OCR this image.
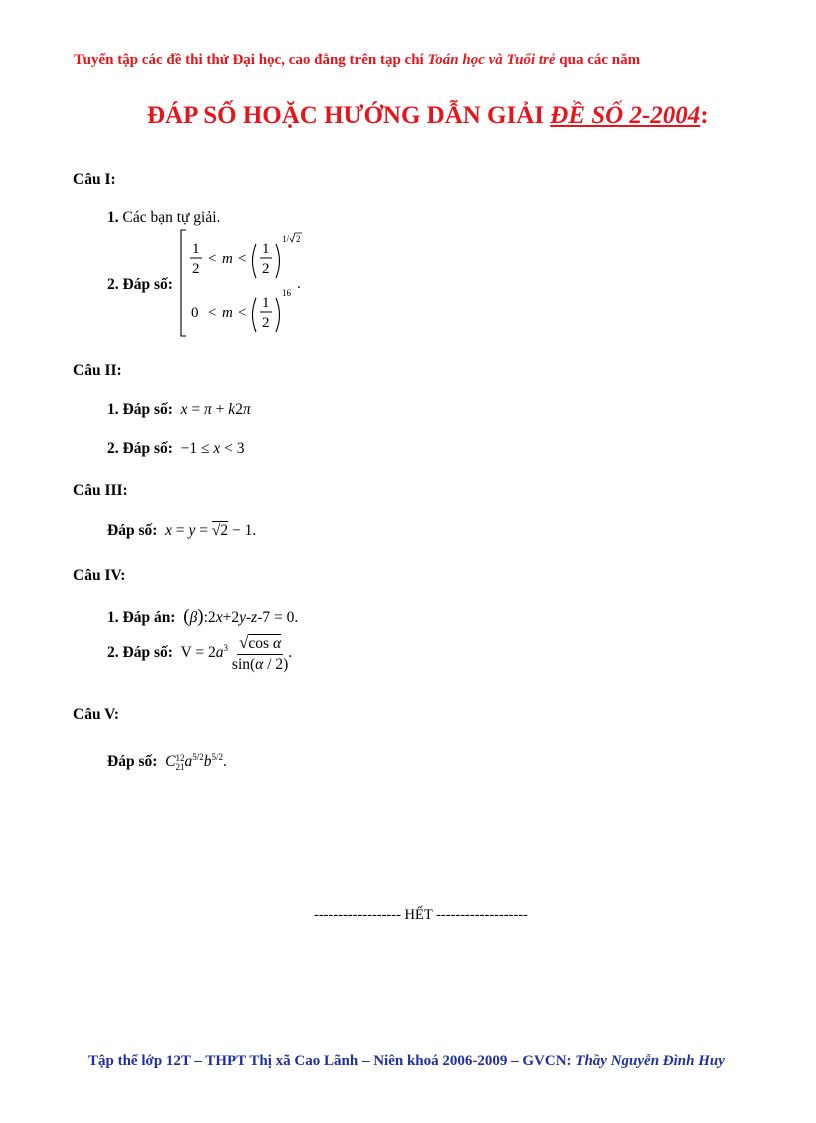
Tuyển tập các đề thi thử Đại học, cao đẳng trên tạp chí Toán học và Tuổi trẻ qua các năm
ĐÁP SỐ HOẶC HƯỚNG DẪN GIẢI ĐỀ SỐ 2-2004:
Câu I:
1. Các bạn tự giải.
2. Đáp số:
1
2
< m <
1
2
1/ 2
0 < m <
1
2
16
.
Câu II:
1. Đáp số: x = π + k2π
2. Đáp số:  −1 ≤ x < 3
Câu III:
Đáp số: x = y = √2 − 1.
Câu IV:
1. Đáp án: (β):2x+2y-z-7 = 0.
2. Đáp số:  $V = 2a^3 \frac{\text{√cos α}}{\sin(\alpha / 2)}$ .
Câu V:
Đáp số: C 12
21 $a^{5/2}b^{5/2}$.
------------------ HẾT -------------------
Tập thể lớp 12T – THPT Thị xã Cao Lãnh – Niên khoá 2006-2009 – GVCN: Thầy Nguyễn Đình Huy
